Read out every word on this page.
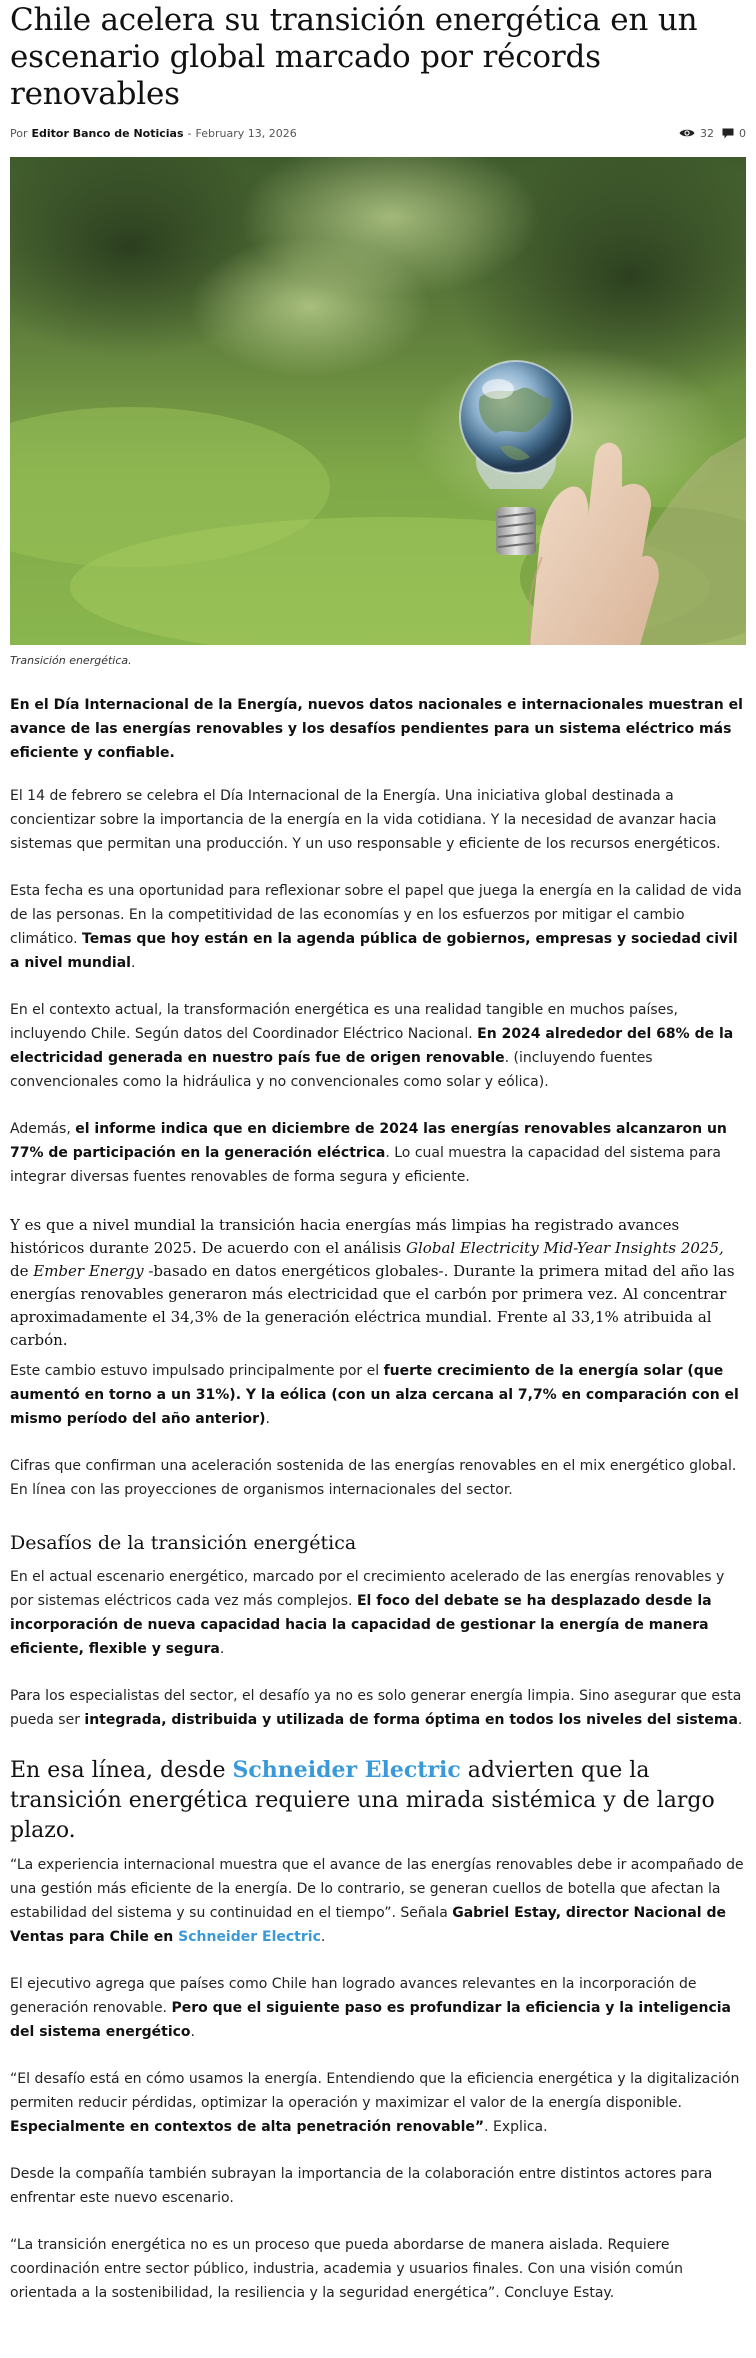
Chile acelera su transición energética en un escenario global marcado por récords renovables
Por Editor Banco de Noticias - February 13, 2026	32 0
Transición energética.

En el Día Internacional de la Energía, nuevos datos nacionales e internacionales muestran el avance de las energías renovables y los desafíos pendientes para un sistema eléctrico más eficiente y confiable.

El 14 de febrero se celebra el Día Internacional de la Energía. Una iniciativa global destinada a concientizar sobre la importancia de la energía en la vida cotidiana. Y la necesidad de avanzar hacia sistemas que permitan una producción. Y un uso responsable y eficiente de los recursos energéticos.

Esta fecha es una oportunidad para reflexionar sobre el papel que juega la energía en la calidad de vida de las personas. En la competitividad de las economías y en los esfuerzos por mitigar el cambio climático. Temas que hoy están en la agenda pública de gobiernos, empresas y sociedad civil a nivel mundial.

En el contexto actual, la transformación energética es una realidad tangible en muchos países, incluyendo Chile. Según datos del Coordinador Eléctrico Nacional. En 2024 alrededor del 68% de la electricidad generada en nuestro país fue de origen renovable. (incluyendo fuentes convencionales como la hidráulica y no convencionales como solar y eólica).

Además, el informe indica que en diciembre de 2024 las energías renovables alcanzaron un 77% de participación en la generación eléctrica. Lo cual muestra la capacidad del sistema para integrar diversas fuentes renovables de forma segura y eficiente.

Y es que a nivel mundial la transición hacia energías más limpias ha registrado avances históricos durante 2025. De acuerdo con el análisis Global Electricity Mid-Year Insights 2025, de Ember Energy -basado en datos energéticos globales-. Durante la primera mitad del año las energías renovables generaron más electricidad que el carbón por primera vez. Al concentrar aproximadamente el 34,3% de la generación eléctrica mundial. Frente al 33,1% atribuida al carbón.

Este cambio estuvo impulsado principalmente por el fuerte crecimiento de la energía solar (que aumentó en torno a un 31%). Y la eólica (con un alza cercana al 7,7% en comparación con el mismo período del año anterior).

Cifras que confirman una aceleración sostenida de las energías renovables en el mix energético global. En línea con las proyecciones de organismos internacionales del sector.

Desafíos de la transición energética

En el actual escenario energético, marcado por el crecimiento acelerado de las energías renovables y por sistemas eléctricos cada vez más complejos. El foco del debate se ha desplazado desde la incorporación de nueva capacidad hacia la capacidad de gestionar la energía de manera eficiente, flexible y segura.

Para los especialistas del sector, el desafío ya no es solo generar energía limpia. Sino asegurar que esta pueda ser integrada, distribuida y utilizada de forma óptima en todos los niveles del sistema.

En esa línea, desde Schneider Electric advierten que la transición energética requiere una mirada sistémica y de largo plazo.

“La experiencia internacional muestra que el avance de las energías renovables debe ir acompañado de una gestión más eficiente de la energía. De lo contrario, se generan cuellos de botella que afectan la estabilidad del sistema y su continuidad en el tiempo”. Señala Gabriel Estay, director Nacional de Ventas para Chile en Schneider Electric.

El ejecutivo agrega que países como Chile han logrado avances relevantes en la incorporación de generación renovable. Pero que el siguiente paso es profundizar la eficiencia y la inteligencia del sistema energético.

“El desafío está en cómo usamos la energía. Entendiendo que la eficiencia energética y la digitalización permiten reducir pérdidas, optimizar la operación y maximizar el valor de la energía disponible. Especialmente en contextos de alta penetración renovable”. Explica.

Desde la compañía también subrayan la importancia de la colaboración entre distintos actores para enfrentar este nuevo escenario.

“La transición energética no es un proceso que pueda abordarse de manera aislada. Requiere coordinación entre sector público, industria, academia y usuarios finales. Con una visión común orientada a la sostenibilidad, la resiliencia y la seguridad energética”. Concluye Estay.
